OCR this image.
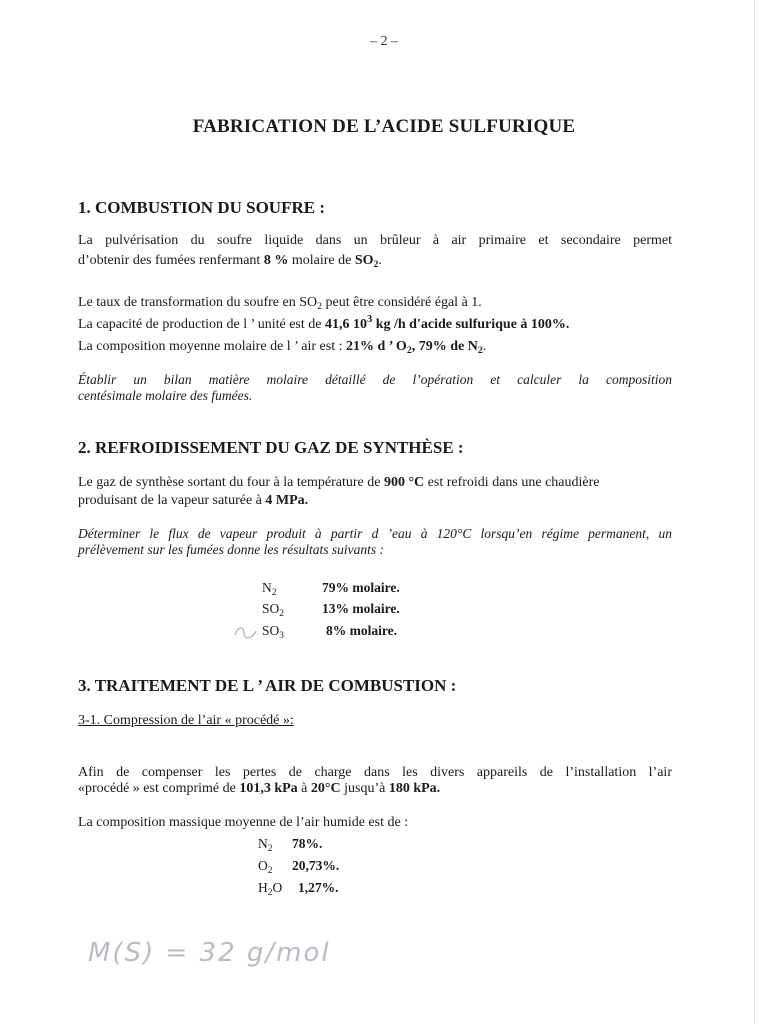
– 2 –
FABRICATION DE L’ACIDE SULFURIQUE
1. COMBUSTION DU SOUFRE :
La pulvérisation du soufre liquide dans un brûleur à air primaire et secondaire permet
d’obtenir des fumées renfermant 8 % molaire de $SO_2$.
Le taux de transformation du soufre en $SO_2$ peut être considéré égal à 1.
La capacité de production de l ’ unité est de 41,6 $10^3$ kg /h d'acide sulfurique à 100%.
La composition moyenne molaire de l ’ air est : 21% d ’ $O_2$, 79% de $N_2$.
Établir un bilan matière molaire détaillé de l’opération et calculer la composition
centésimale molaire des fumées.
2. REFROIDISSEMENT DU GAZ DE SYNTHÈSE :
Le gaz de synthèse sortant du four à la température de 900 °C est refroidi dans une chaudière
produisant de la vapeur saturée à 4 MPa.
Déterminer le flux de vapeur produit à partir d ’eau à 120°C lorsqu’en régime permanent, un
prélèvement sur les fumées donne les résultats suivants :
$N_2$	79% molaire.
$SO_2$	13% molaire.
$SO_3$	8% molaire.
3. TRAITEMENT DE L ’ AIR DE COMBUSTION :
3-1. Compression de l’air « procédé »:
Afin de compenser les pertes de charge dans les divers appareils de l’installation l’air
«procédé » est comprimé de 101,3 kPa à 20°C jusqu’à 180 kPa.
La composition massique moyenne de l’air humide est de :
$N_2$ 78%.
$O_2$ 20,73%.
$H_2O$ 1,27%.
M(S) = 32 g/mol
